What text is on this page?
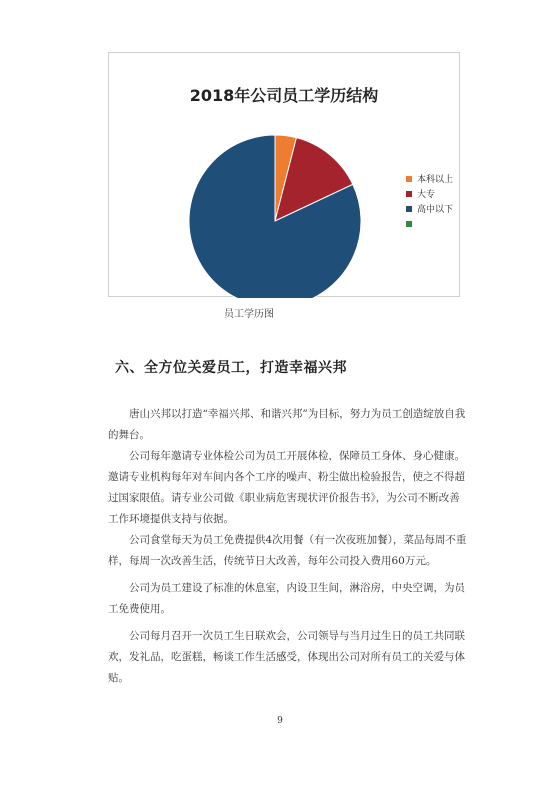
2018年公司员工学历结构
本科以上
大专
高中以下
员工学历图
六、全方位关爱员工，打造幸福兴邦
唐山兴邦以打造“幸福兴邦、和谐兴邦”为目标，努力为员工创造绽放自我的舞台。
公司每年邀请专业体检公司为员工开展体检，保障员工身体、身心健康。邀请专业机构每年对车间内各个工序的噪声、粉尘做出检验报告，使之不得超过国家限值。请专业公司做《职业病危害现状评价报告书》，为公司不断改善工作环境提供支持与依据。
公司食堂每天为员工免费提供4次用餐（有一次夜班加餐），菜品每周不重样，每周一次改善生活，传统节日大改善，每年公司投入费用60万元。
公司为员工建设了标准的休息室，内设卫生间，淋浴房，中央空调，为员工免费使用。
公司每月召开一次员工生日联欢会，公司领导与当月过生日的员工共同联欢，发礼品，吃蛋糕，畅谈工作生活感受，体现出公司对所有员工的关爱与体贴。
9
